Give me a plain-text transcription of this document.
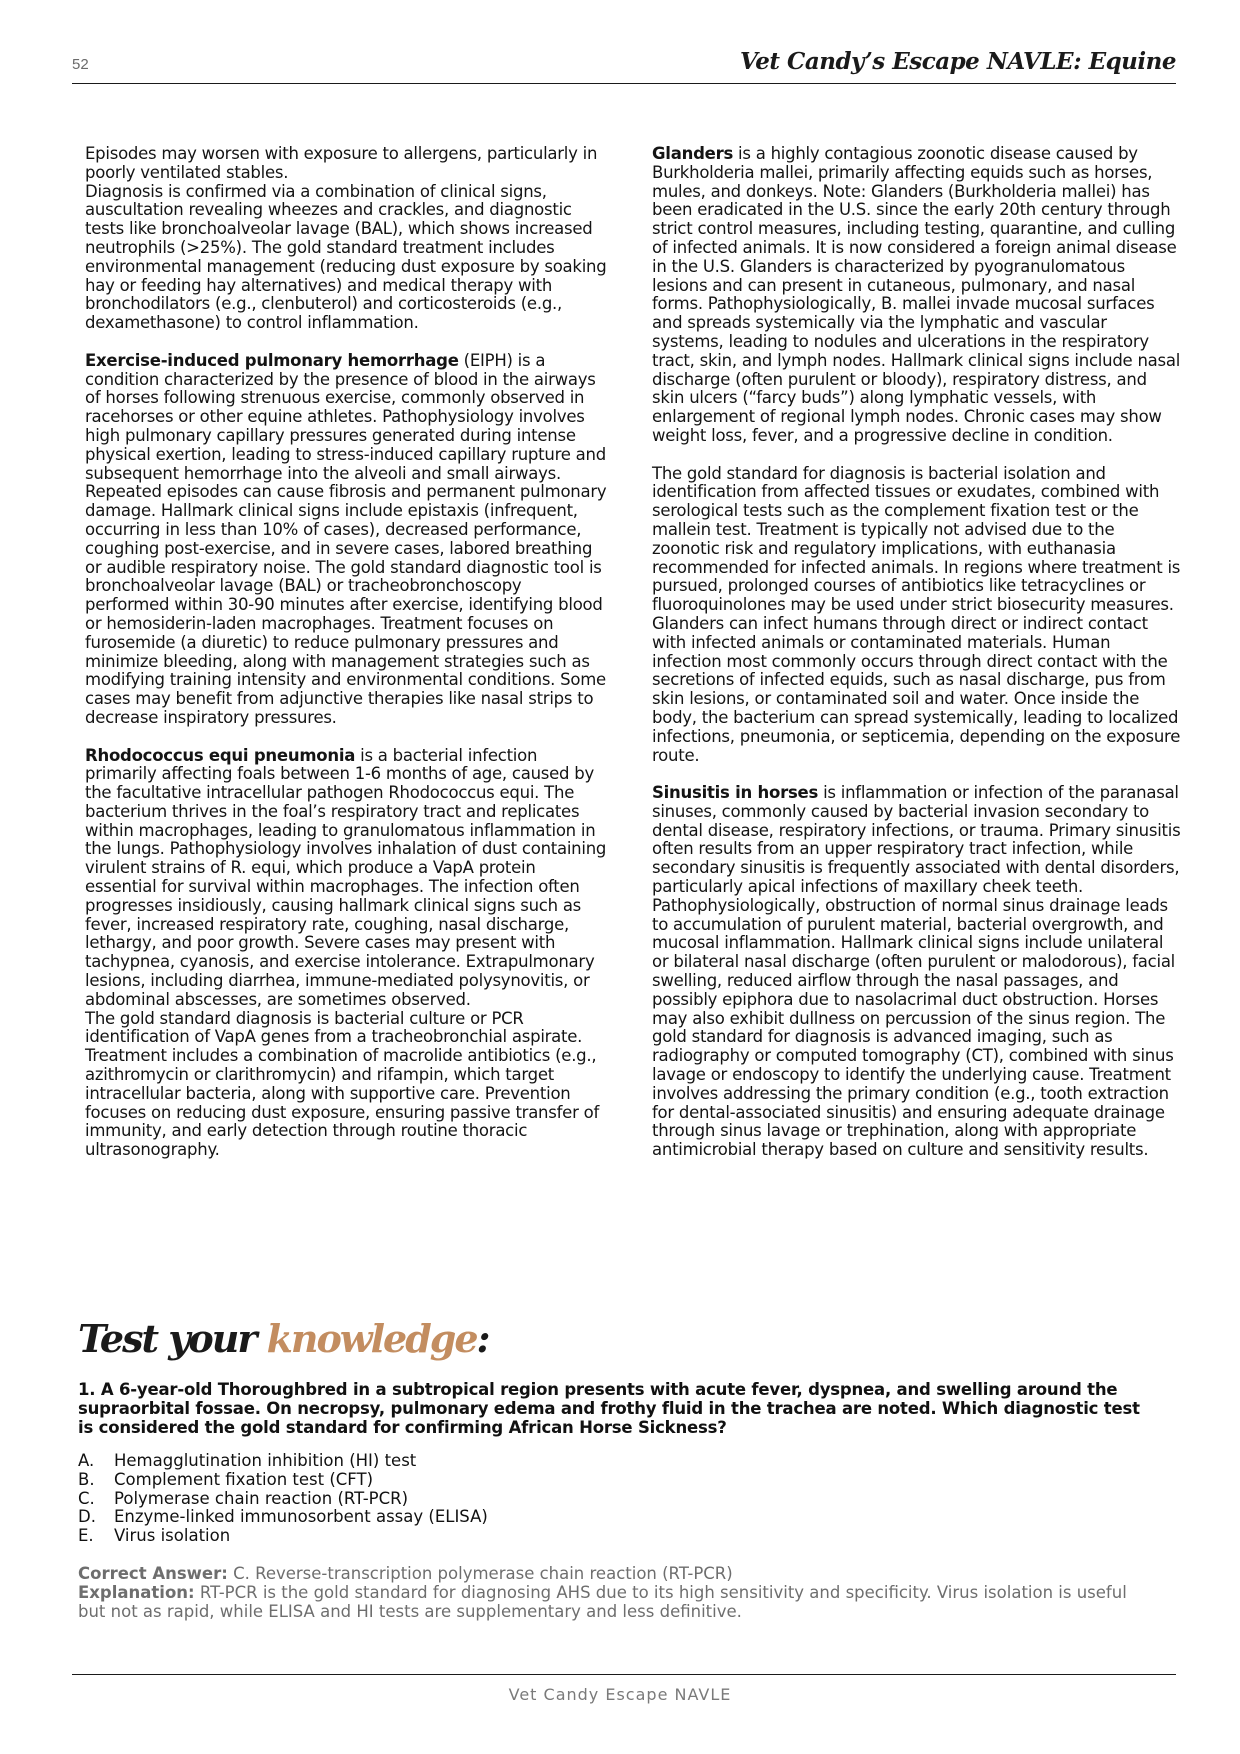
52	Vet Candy’s Escape NAVLE: Equine

Episodes may worsen with exposure to allergens, particularly in poorly ventilated stables.
Diagnosis is confirmed via a combination of clinical signs, auscultation revealing wheezes and crackles, and diagnostic tests like bronchoalveolar lavage (BAL), which shows increased neutrophils (>25%). The gold standard treatment includes environmental management (reducing dust exposure by soaking hay or feeding hay alternatives) and medical therapy with bronchodilators (e.g., clenbuterol) and corticosteroids (e.g., dexamethasone) to control inflammation.

Exercise-induced pulmonary hemorrhage (EIPH) is a condition characterized by the presence of blood in the airways of horses following strenuous exercise, commonly observed in racehorses or other equine athletes. Pathophysiology involves high pulmonary capillary pressures generated during intense physical exertion, leading to stress-induced capillary rupture and subsequent hemorrhage into the alveoli and small airways. Repeated episodes can cause fibrosis and permanent pulmonary damage. Hallmark clinical signs include epistaxis (infrequent, occurring in less than 10% of cases), decreased performance, coughing post-exercise, and in severe cases, labored breathing or audible respiratory noise. The gold standard diagnostic tool is bronchoalveolar lavage (BAL) or tracheobronchoscopy performed within 30-90 minutes after exercise, identifying blood or hemosiderin-laden macrophages. Treatment focuses on furosemide (a diuretic) to reduce pulmonary pressures and minimize bleeding, along with management strategies such as modifying training intensity and environmental conditions. Some cases may benefit from adjunctive therapies like nasal strips to decrease inspiratory pressures.

Rhodococcus equi pneumonia is a bacterial infection primarily affecting foals between 1-6 months of age, caused by the facultative intracellular pathogen Rhodococcus equi. The bacterium thrives in the foal’s respiratory tract and replicates within macrophages, leading to granulomatous inflammation in the lungs. Pathophysiology involves inhalation of dust containing virulent strains of R. equi, which produce a VapA protein essential for survival within macrophages. The infection often progresses insidiously, causing hallmark clinical signs such as fever, increased respiratory rate, coughing, nasal discharge, lethargy, and poor growth. Severe cases may present with tachypnea, cyanosis, and exercise intolerance. Extrapulmonary lesions, including diarrhea, immune-mediated polysynovitis, or abdominal abscesses, are sometimes observed.
The gold standard diagnosis is bacterial culture or PCR identification of VapA genes from a tracheobronchial aspirate. Treatment includes a combination of macrolide antibiotics (e.g., azithromycin or clarithromycin) and rifampin, which target intracellular bacteria, along with supportive care. Prevention focuses on reducing dust exposure, ensuring passive transfer of immunity, and early detection through routine thoracic ultrasonography.

Glanders is a highly contagious zoonotic disease caused by Burkholderia mallei, primarily affecting equids such as horses, mules, and donkeys. Note: Glanders (Burkholderia mallei) has been eradicated in the U.S. since the early 20th century through strict control measures, including testing, quarantine, and culling of infected animals. It is now considered a foreign animal disease in the U.S. Glanders is characterized by pyogranulomatous lesions and can present in cutaneous, pulmonary, and nasal forms. Pathophysiologically, B. mallei invade mucosal surfaces and spreads systemically via the lymphatic and vascular systems, leading to nodules and ulcerations in the respiratory tract, skin, and lymph nodes. Hallmark clinical signs include nasal discharge (often purulent or bloody), respiratory distress, and skin ulcers (“farcy buds”) along lymphatic vessels, with enlargement of regional lymph nodes. Chronic cases may show weight loss, fever, and a progressive decline in condition.

The gold standard for diagnosis is bacterial isolation and identification from affected tissues or exudates, combined with serological tests such as the complement fixation test or the mallein test. Treatment is typically not advised due to the zoonotic risk and regulatory implications, with euthanasia recommended for infected animals. In regions where treatment is pursued, prolonged courses of antibiotics like tetracyclines or fluoroquinolones may be used under strict biosecurity measures. Glanders can infect humans through direct or indirect contact with infected animals or contaminated materials. Human infection most commonly occurs through direct contact with the secretions of infected equids, such as nasal discharge, pus from skin lesions, or contaminated soil and water. Once inside the body, the bacterium can spread systemically, leading to localized infections, pneumonia, or septicemia, depending on the exposure route.

Sinusitis in horses is inflammation or infection of the paranasal sinuses, commonly caused by bacterial invasion secondary to dental disease, respiratory infections, or trauma. Primary sinusitis often results from an upper respiratory tract infection, while secondary sinusitis is frequently associated with dental disorders, particularly apical infections of maxillary cheek teeth. Pathophysiologically, obstruction of normal sinus drainage leads to accumulation of purulent material, bacterial overgrowth, and mucosal inflammation. Hallmark clinical signs include unilateral or bilateral nasal discharge (often purulent or malodorous), facial swelling, reduced airflow through the nasal passages, and possibly epiphora due to nasolacrimal duct obstruction. Horses may also exhibit dullness on percussion of the sinus region. The gold standard for diagnosis is advanced imaging, such as radiography or computed tomography (CT), combined with sinus lavage or endoscopy to identify the underlying cause. Treatment involves addressing the primary condition (e.g., tooth extraction for dental-associated sinusitis) and ensuring adequate drainage through sinus lavage or trephination, along with appropriate antimicrobial therapy based on culture and sensitivity results.

Test your knowledge:
1. A 6-year-old Thoroughbred in a subtropical region presents with acute fever, dyspnea, and swelling around the supraorbital fossae. On necropsy, pulmonary edema and frothy fluid in the trachea are noted. Which diagnostic test is considered the gold standard for confirming African Horse Sickness?
A.	Hemagglutination inhibition (HI) test
B.	Complement fixation test (CFT)
C.	Polymerase chain reaction (RT-PCR)
D.	Enzyme-linked immunosorbent assay (ELISA)
E.	Virus isolation
Correct Answer: C. Reverse-transcription polymerase chain reaction (RT-PCR)
Explanation: RT-PCR is the gold standard for diagnosing AHS due to its high sensitivity and specificity. Virus isolation is useful but not as rapid, while ELISA and HI tests are supplementary and less definitive.
Vet Candy Escape NAVLE
